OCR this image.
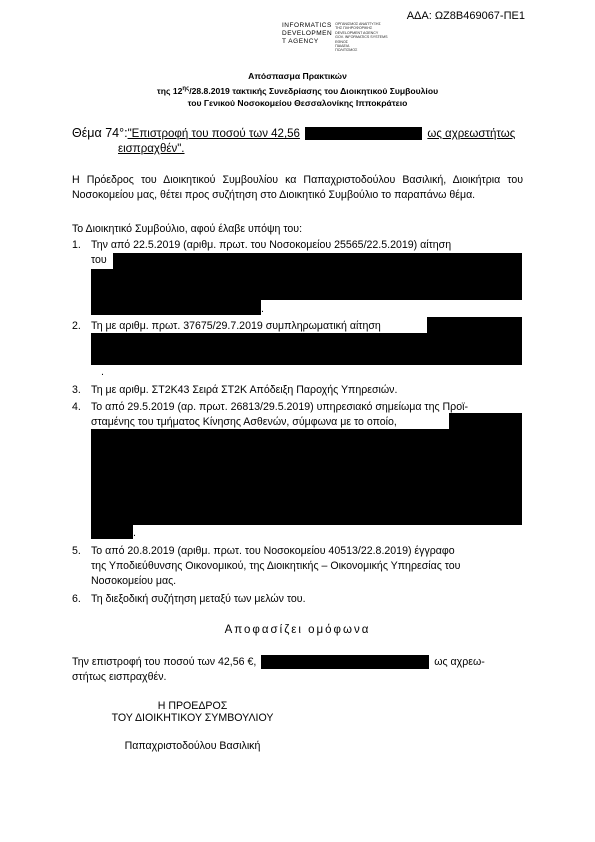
ΑΔΑ: ΩΖ8Β469067-ΠΕ1
INFORMATICS
DEVELOPMEN
T AGENCY
ΟΡΓΑΝΙΣΜΟΣ ΑΝΑΠΤΥΞΗΣ
ΤΗΣ ΠΛΗΡΟΦΟΡΙΚΗΣ
DEVELOPMENT AGENCY
GOV. INFORMATICS SYSTEMS
ΕΘΝΟΣ
ΠΑΙΔΕΙΑ
ΠΟΛΙΤΙΣΜΟΣ
Απόσπασμα Πρακτικών
της $12^{\eta\varsigma}/28.8.2019$ τακτικής Συνεδρίασης του Διοικητικού Συμβουλίου
του Γενικού Νοσοκομείου Θεσσαλονίκης Ιπποκράτειο
Θέμα 74°:"Επιστροφή του ποσού των 42,56	ως αχρεωστήτως
εισπραχθέν".
Η Πρόεδρος του Διοικητικού Συμβουλίου κα Παπαχριστοδούλου Βασιλική, Διοικήτρια του Νοσοκομείου μας, θέτει προς συζήτηση στο Διοικητικό Συμβούλιο το παραπάνω θέμα.
Το Διοικητικό Συμβούλιο, αφού έλαβε υπόψη του:
1. Την από 22.5.2019 (αριθμ. πρωτ. του Νοσοκομείου 25565/22.5.2019) αίτηση
του
.
2. Τη με αριθμ. πρωτ. 37675/29.7.2019 συμπληρωματική αίτηση
.
3. Τη με αριθμ. ΣΤ2Κ43 Σειρά ΣΤ2Κ Απόδειξη Παροχής Υπηρεσιών.
4. Το από 29.5.2019 (αρ. πρωτ. 26813/29.5.2019) υπηρεσιακό σημείωμα της Προϊ-
σταμένης του τμήματος Κίνησης Ασθενών, σύμφωνα με το οποίο,
.
5. Το από 20.8.2019 (αριθμ. πρωτ. του Νοσοκομείου 40513/22.8.2019) έγγραφο
της Υποδιεύθυνσης Οικονομικού, της Διοικητικής – Οικονομικής Υπηρεσίας του
Νοσοκομείου μας.
6. Τη διεξοδική συζήτηση μεταξύ των μελών του.
Αποφασίζει ομόφωνα
Την επιστροφή του ποσού των 42,56 €,	ως αχρεω-
στήτως εισπραχθέν.
Η ΠΡΟΕΔΡΟΣ
ΤΟΥ ΔΙΟΙΚΗΤΙΚΟΥ ΣΥΜΒΟΥΛΙΟΥ
Παπαχριστοδούλου Βασιλική
